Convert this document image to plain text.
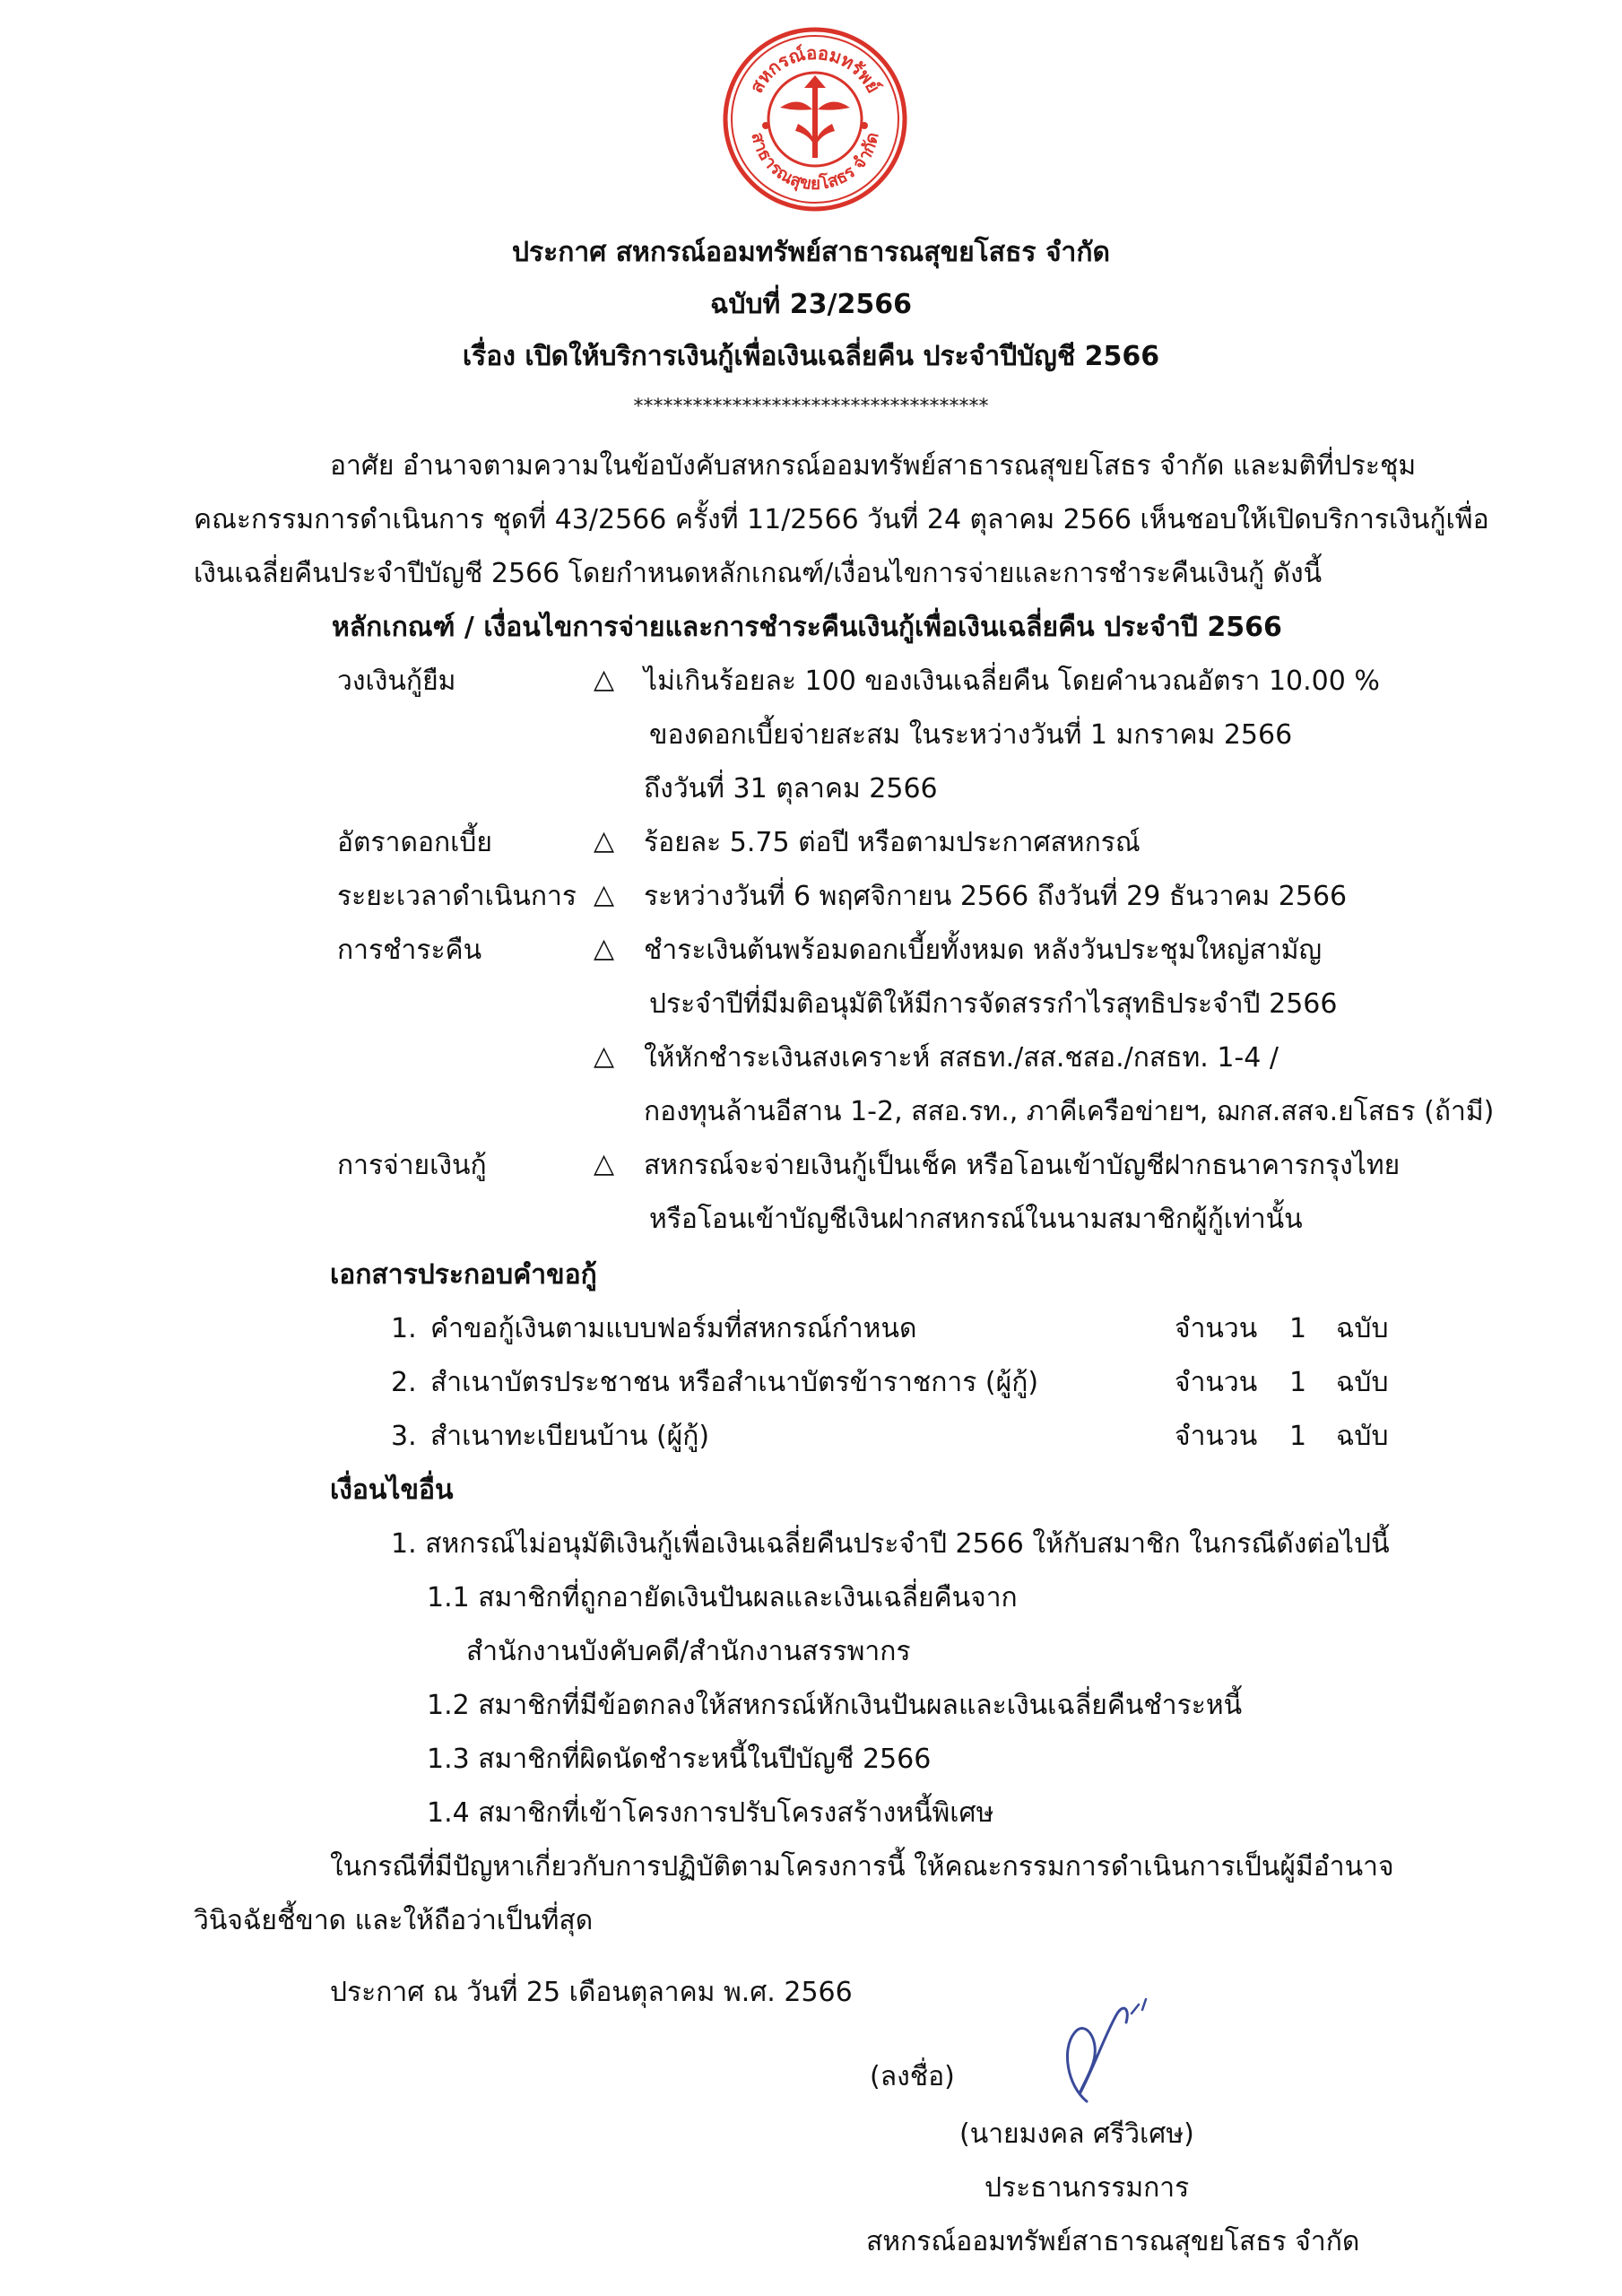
สหกรณ์ออมทรัพย์
สาธารณสุขยโสธร จำกัด
ประกาศ สหกรณ์ออมทรัพย์สาธารณสุขยโสธร จำกัด
ฉบับที่ 23/2566
เรื่อง เปิดให้บริการเงินกู้เพื่อเงินเฉลี่ยคืน ประจำปีบัญชี 2566
************************************
อาศัย อำนาจตามความในข้อบังคับสหกรณ์ออมทรัพย์สาธารณสุขยโสธร จำกัด และมติที่ประชุม
คณะกรรมการดำเนินการ ชุดที่ 43/2566 ครั้งที่ 11/2566 วันที่ 24 ตุลาคม 2566 เห็นชอบให้เปิดบริการเงินกู้เพื่อ
เงินเฉลี่ยคืนประจำปีบัญชี 2566 โดยกำหนดหลักเกณฑ์/เงื่อนไขการจ่ายและการชำระคืนเงินกู้ ดังนี้
หลักเกณฑ์ / เงื่อนไขการจ่ายและการชำระคืนเงินกู้เพื่อเงินเฉลี่ยคืน ประจำปี 2566
วงเงินกู้ยืม	△ ไม่เกินร้อยละ 100 ของเงินเฉลี่ยคืน โดยคำนวณอัตรา 10.00 %
ของดอกเบี้ยจ่ายสะสม ในระหว่างวันที่ 1 มกราคม 2566
ถึงวันที่ 31 ตุลาคม 2566
อัตราดอกเบี้ย	△ ร้อยละ 5.75 ต่อปี หรือตามประกาศสหกรณ์
ระยะเวลาดำเนินการ △ ระหว่างวันที่ 6 พฤศจิกายน 2566 ถึงวันที่ 29 ธันวาคม 2566
การชำระคืน	△ ชำระเงินต้นพร้อมดอกเบี้ยทั้งหมด หลังวันประชุมใหญ่สามัญ
ประจำปีที่มีมติอนุมัติให้มีการจัดสรรกำไรสุทธิประจำปี 2566
△ ให้หักชำระเงินสงเคราะห์ สสธท./สส.ชสอ./กสธท. 1-4 /
กองทุนล้านอีสาน 1-2, สสอ.รท., ภาคีเครือข่ายฯ, ฌกส.สสจ.ยโสธร (ถ้ามี)
การจ่ายเงินกู้	△ สหกรณ์จะจ่ายเงินกู้เป็นเช็ค หรือโอนเข้าบัญชีฝากธนาคารกรุงไทย
หรือโอนเข้าบัญชีเงินฝากสหกรณ์ในนามสมาชิกผู้กู้เท่านั้น
เอกสารประกอบคำขอกู้
1. คำขอกู้เงินตามแบบฟอร์มที่สหกรณ์กำหนด	จำนวน 1 ฉบับ
2. สำเนาบัตรประชาชน หรือสำเนาบัตรข้าราชการ (ผู้กู้)	จำนวน 1 ฉบับ
3. สำเนาทะเบียนบ้าน (ผู้กู้)	จำนวน 1 ฉบับ
เงื่อนไขอื่น
1. สหกรณ์ไม่อนุมัติเงินกู้เพื่อเงินเฉลี่ยคืนประจำปี 2566 ให้กับสมาชิก ในกรณีดังต่อไปนี้
1.1 สมาชิกที่ถูกอายัดเงินปันผลและเงินเฉลี่ยคืนจาก
สำนักงานบังคับคดี/สำนักงานสรรพากร
1.2 สมาชิกที่มีข้อตกลงให้สหกรณ์หักเงินปันผลและเงินเฉลี่ยคืนชำระหนี้
1.3 สมาชิกที่ผิดนัดชำระหนี้ในปีบัญชี 2566
1.4 สมาชิกที่เข้าโครงการปรับโครงสร้างหนี้พิเศษ
ในกรณีที่มีปัญหาเกี่ยวกับการปฏิบัติตามโครงการนี้ ให้คณะกรรมการดำเนินการเป็นผู้มีอำนาจ
วินิจฉัยชี้ขาด และให้ถือว่าเป็นที่สุด
ประกาศ ณ วันที่ 25 เดือนตุลาคม พ.ศ. 2566
(ลงชื่อ)
(นายมงคล ศรีวิเศษ)
ประธานกรรมการ
สหกรณ์ออมทรัพย์สาธารณสุขยโสธร จำกัด
